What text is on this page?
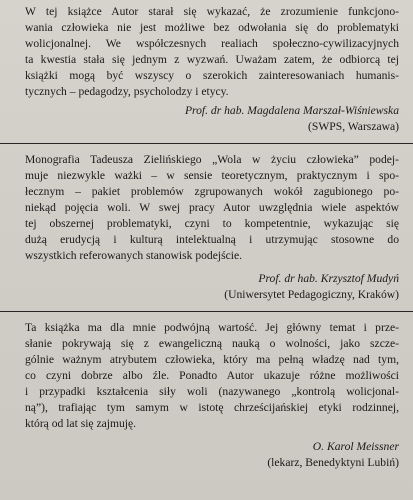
W tej książce Autor starał się wykazać, że zrozumienie funkcjono-
wania człowieka nie jest możliwe bez odwołania się do problematyki
wolicjonalnej. We współczesnych realiach społeczno-cywilizacyjnych
ta kwestia stała się jednym z wyzwań. Uważam zatem, że odbiorcą tej
książki mogą być wszyscy o szerokich zainteresowaniach humanis-
tycznych – pedagodzy, psycholodzy i etycy.
Prof. dr hab. Magdalena Marszał-Wiśniewska
(SWPS, Warszawa)
Monografia Tadeusza Zielińskiego „Wola w życiu człowieka” podej-
muje niezwykle ważki – w sensie teoretycznym, praktycznym i spo-
łecznym – pakiet problemów zgrupowanych wokół zagubionego po-
niekąd pojęcia woli. W swej pracy Autor uwzględnia wiele aspektów
tej obszernej problematyki, czyni to kompetentnie, wykazując się
dużą erudycją i kulturą intelektualną i utrzymując stosowne do
wszystkich referowanych stanowisk podejście.
Prof. dr hab. Krzysztof Mudyń
(Uniwersytet Pedagogiczny, Kraków)
Ta książka ma dla mnie podwójną wartość. Jej główny temat i prze-
słanie pokrywają się z ewangeliczną nauką o wolności, jako szcze-
gólnie ważnym atrybutem człowieka, który ma pełną władzę nad tym,
co czyni dobrze albo źle. Ponadto Autor ukazuje różne możliwości
i przypadki kształcenia siły woli (nazywanego „kontrolą wolicjonal-
ną”), trafiając tym samym w istotę chrześcijańskiej etyki rodzinnej,
którą od lat się zajmuję.
O. Karol Meissner
(lekarz, Benedyktyni Lubiń)
